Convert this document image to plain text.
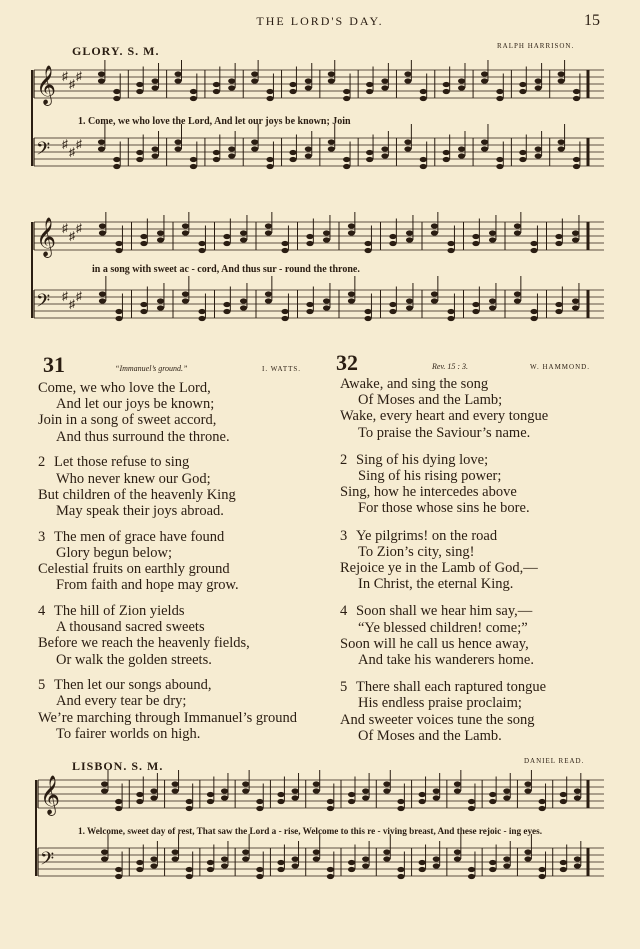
THE LORD'S DAY.	15
GLORY. S. M.	RALPH HARRISON.
𝄞 ♯
♯
♯
𝄢 ♯
♯
♯
1. Come, we who love the Lord, And let our joys be known; Join
𝄞 ♯
♯
♯
𝄢 ♯
♯
♯
in a song with sweet ac - cord, And thus sur - round the throne.
31	“Immanuel’s ground.”	I. WATTS.
Come, we who love the Lord,
And let our joys be known;
Join in a song of sweet accord,
And thus surround the throne.
2 Let those refuse to sing
Who never knew our God;
But children of the heavenly King
May speak their joys abroad.
3 The men of grace have found
Glory begun below;
Celestial fruits on earthly ground
From faith and hope may grow.
4 The hill of Zion yields
A thousand sacred sweets
Before we reach the heavenly fields,
Or walk the golden streets.
5 Then let our songs abound,
And every tear be dry;
We’re marching through Immanuel’s ground
To fairer worlds on high.
32	Rev. 15 : 3.	W. HAMMOND.
Awake, and sing the song
Of Moses and the Lamb;
Wake, every heart and every tongue
To praise the Saviour’s name.
2 Sing of his dying love;
Sing of his rising power;
Sing, how he intercedes above
For those whose sins he bore.
3 Ye pilgrims! on the road
To Zion’s city, sing!
Rejoice ye in the Lamb of God,—
In Christ, the eternal King.
4 Soon shall we hear him say,—
“Ye blessed children! come;”
Soon will he call us hence away,
And take his wanderers home.
5 There shall each raptured tongue
His endless praise proclaim;
And sweeter voices tune the song
Of Moses and the Lamb.
LISBON. S. M.	DANIEL READ.
𝄞
𝄢
1. Welcome, sweet day of rest, That saw the Lord a - rise, Welcome to this re - viving breast, And these rejoic - ing eyes.
